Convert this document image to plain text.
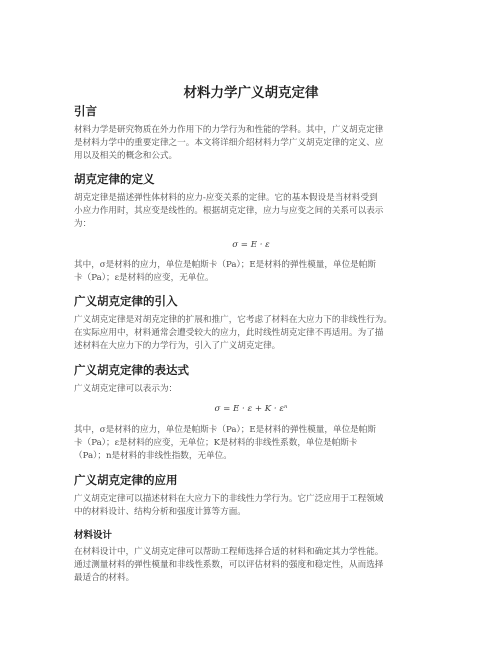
材料力学广义胡克定律
引言
材料力学是研究物质在外力作用下的力学行为和性能的学科。其中，广义胡克定律
是材料力学中的重要定律之一。本文将详细介绍材料力学广义胡克定律的定义、应
用以及相关的概念和公式。
胡克定律的定义
胡克定律是描述弹性体材料的应力-应变关系的定律。它的基本假设是当材料受到
小应力作用时，其应变是线性的。根据胡克定律，应力与应变之间的关系可以表示
为：
σ = E · ε
其中，σ是材料的应力，单位是帕斯卡（Pa）；E是材料的弹性模量，单位是帕斯
卡（Pa）；ε是材料的应变，无单位。
广义胡克定律的引入
广义胡克定律是对胡克定律的扩展和推广，它考虑了材料在大应力下的非线性行为。
在实际应用中，材料通常会遭受较大的应力，此时线性胡克定律不再适用。为了描
述材料在大应力下的力学行为，引入了广义胡克定律。
广义胡克定律的表达式
广义胡克定律可以表示为：
σ = E · ε + K · εⁿ
其中，σ是材料的应力，单位是帕斯卡（Pa）；E是材料的弹性模量，单位是帕斯
卡（Pa）；ε是材料的应变，无单位；K是材料的非线性系数，单位是帕斯卡
（Pa）；n是材料的非线性指数，无单位。
广义胡克定律的应用
广义胡克定律可以描述材料在大应力下的非线性力学行为。它广泛应用于工程领域
中的材料设计、结构分析和强度计算等方面。
材料设计
在材料设计中，广义胡克定律可以帮助工程师选择合适的材料和确定其力学性能。
通过测量材料的弹性模量和非线性系数，可以评估材料的强度和稳定性，从而选择
最适合的材料。
